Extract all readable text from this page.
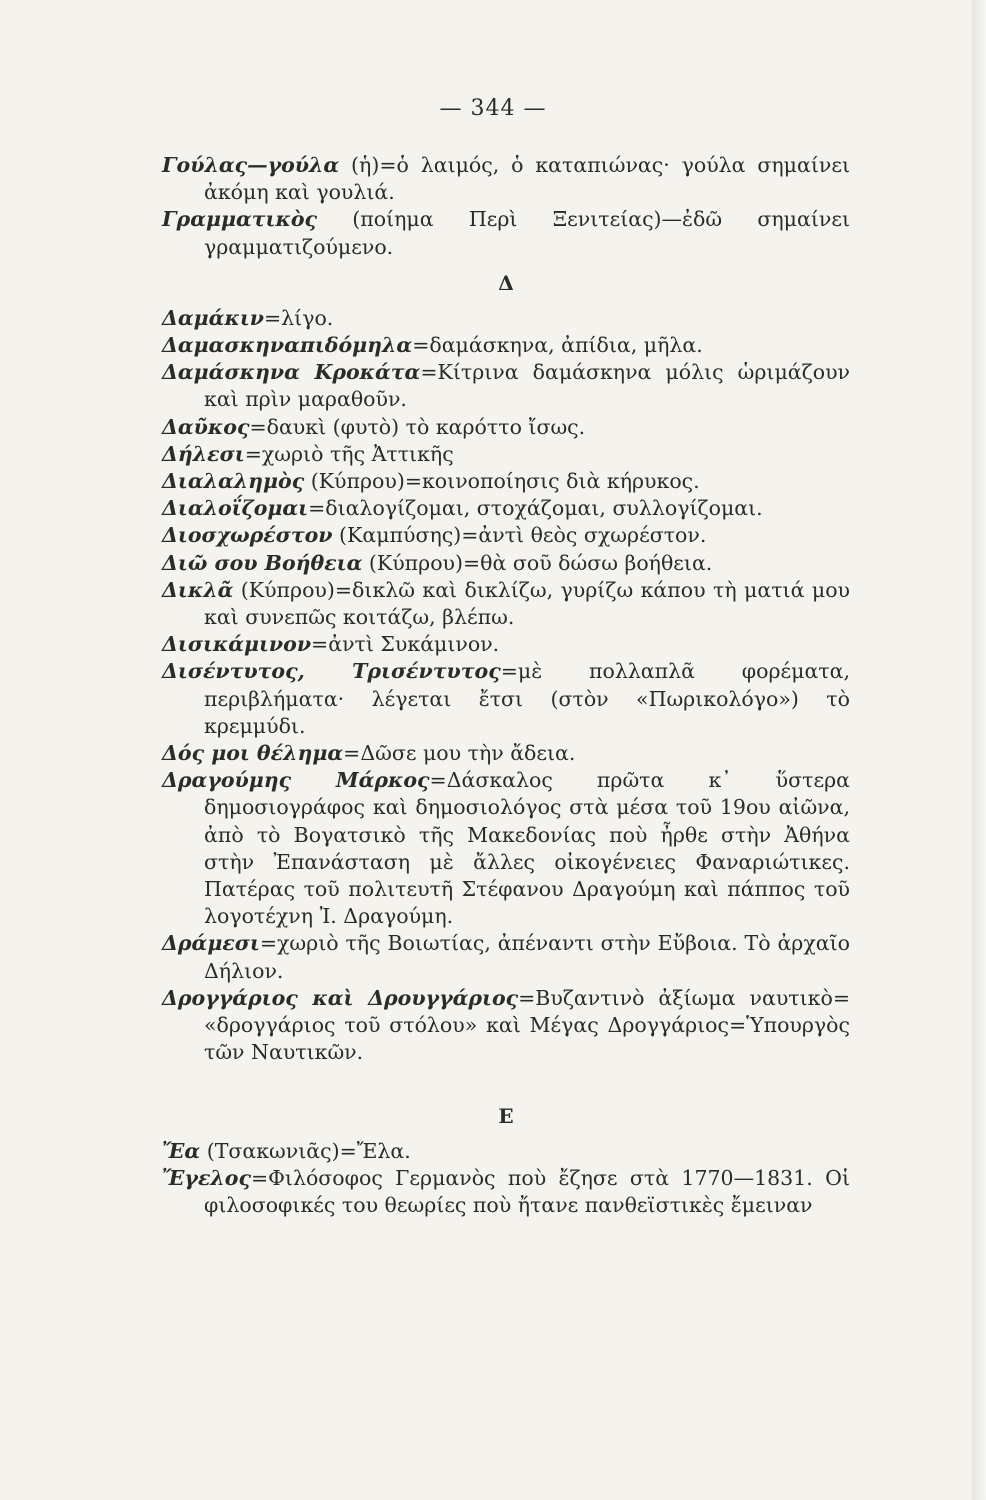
— 344 —
Γούλας—γούλα (ἡ)=ὁ λαιμός, ὁ καταπιώνας· γούλα σημαίνει ἀκόμη καὶ γουλιά.
Γραμματικὸς (ποίημα Περὶ Ξενιτείας)—ἐδῶ σημαίνει γραμματιζούμενο.
Δ
Δαμάκιν=λίγο.
Δαμασκηναπιδόμηλα=δαμάσκηνα, ἀπίδια, μῆλα.
Δαμάσκηνα Κροκάτα=Κίτρινα δαμάσκηνα μόλις ὡριμάζουν καὶ πρὶν μαραθοῦν.
Δαῦκος=δαυκὶ (φυτὸ) τὸ καρόττο ἴσως.
Δήλεσι=χωριὸ τῆς Ἀττικῆς
Διαλαλημὸς (Κύπρου)=κοινοποίησις διὰ κήρυκος.
Διαλοΐζομαι=διαλογίζομαι, στοχάζομαι, συλλογίζομαι.
Διοσχωρέστον (Καμπύσης)=ἀντὶ θεὸς σχωρέστον.
Διῶ σου Βοήθεια (Κύπρου)=θὰ σοῦ δώσω βοήθεια.
Δικλᾶ (Κύπρου)=δικλῶ καὶ δικλίζω, γυρίζω κάπου τὴ ματιά μου καὶ συνεπῶς κοιτάζω, βλέπω.
Δισικάμινον=ἀντὶ Συκάμινον.
Δισέντυτος, Τρισέντυτος=μὲ πολλαπλᾶ φορέματα, περιβλήματα· λέγεται ἔτσι (στὸν «Πωρικολόγο») τὸ κρεμμύδι.
Δός μοι θέλημα=Δῶσε μου τὴν ἄδεια.
Δραγούμης Μάρκος=Δάσκαλος πρῶτα κ᾽ ὕστερα δημοσιογράφος καὶ δημοσιολόγος στὰ μέσα τοῦ 19ου αἰῶνα, ἀπὸ τὸ Βογατσικὸ τῆς Μακεδονίας ποὺ ἦρθε στὴν Ἀθήνα στὴν Ἐπανάσταση μὲ ἄλλες οἰκογένειες Φαναριώτικες. Πατέρας τοῦ πολιτευτῆ Στέφανου Δραγούμη καὶ πάππος τοῦ λογοτέχνη Ἰ. Δραγούμη.
Δράμεσι=χωριὸ τῆς Βοιωτίας, ἀπέναντι στὴν Εὔβοια. Τὸ ἀρχαῖο Δήλιον.
Δρογγάριος καὶ Δρουγγάριος=Βυζαντινὸ ἀξίωμα ναυτικὸ= «δρογγάριος τοῦ στόλου» καὶ Μέγας Δρογγάριος=Ὑπουργὸς τῶν Ναυτικῶν.
Ε
Ἔα (Τσακωνιᾶς)=Ἔλα.
Ἔγελος=Φιλόσοφος Γερμανὸς ποὺ ἔζησε στὰ 1770—1831. Οἱ φιλοσοφικές του θεωρίες ποὺ ἤτανε πανθεϊστικὲς ἔμειναν
